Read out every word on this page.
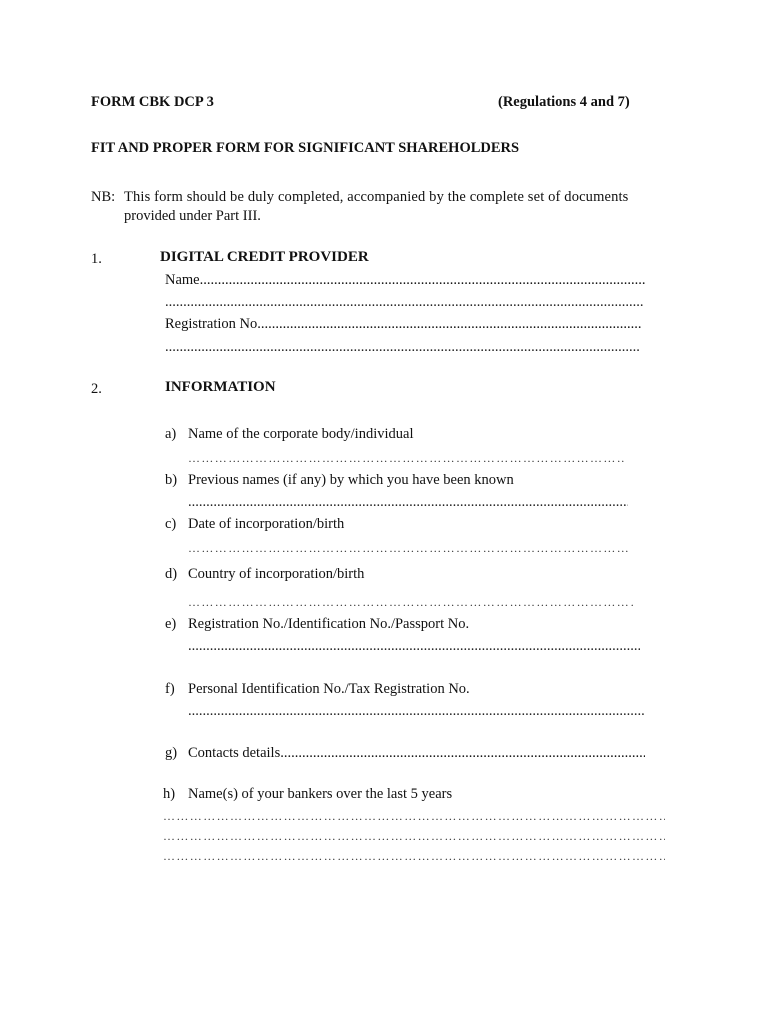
FORM CBK DCP 3	(Regulations 4 and 7)
FIT AND PROPER FORM FOR SIGNIFICANT SHAREHOLDERS
NB: This form should be duly completed, accompanied by the complete set of documents
provided under Part III.
1.	DIGITAL CREDIT PROVIDER
Name
.....
.....
Registration No.
.....
.....
2.	INFORMATION
a) Name of the corporate body/individual
…………………………………………………………………………………………………………………………………………………………
b) Previous names (if any) by which you have been known
.....
c) Date of incorporation/birth
…………………………………………………………………………………………………………………………………………………………
d) Country of incorporation/birth
…………………………………………………………………………………………………………………………………………………………
e) Registration No./Identification No./Passport No.
.....
f) Personal Identification No./Tax Registration No.
.....
g) Contacts details
.....
h) Name(s) of your bankers over the last 5 years
…………………………………………………………………………………………………………………………………………………………
…………………………………………………………………………………………………………………………………………………………
…………………………………………………………………………………………………………………………………………………………
